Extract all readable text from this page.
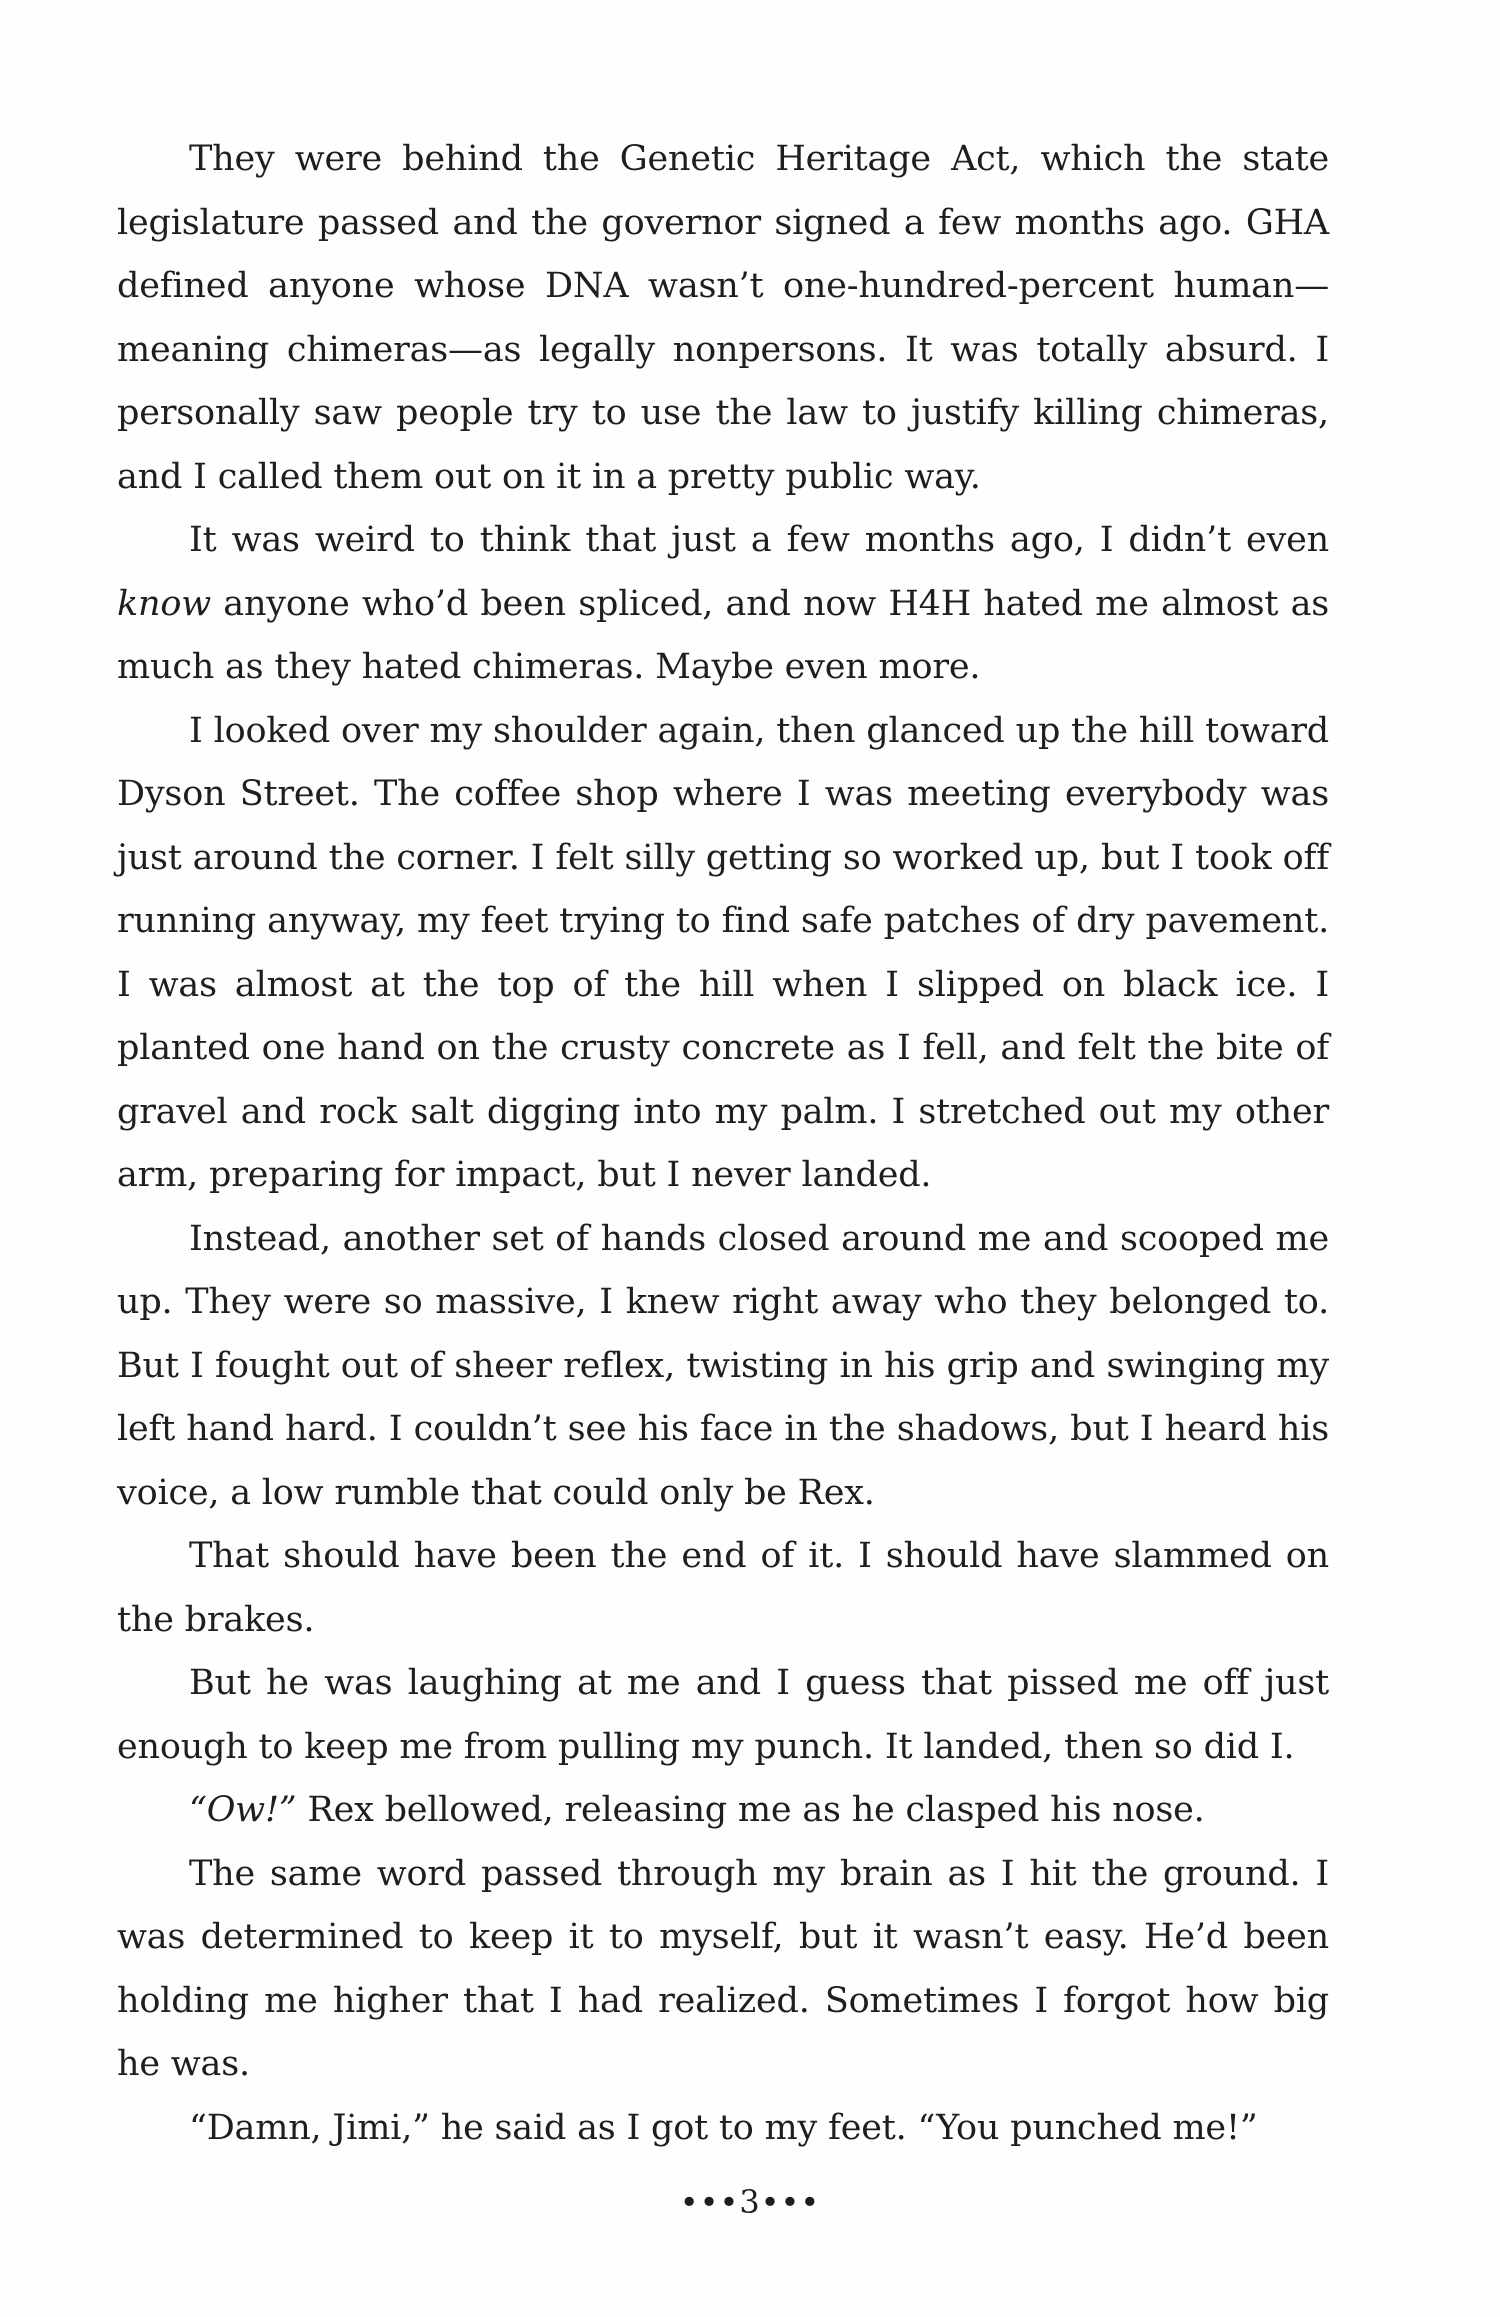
They were behind the Genetic Heritage Act, which the state legislature passed and the governor signed a few months ago. GHA defined anyone whose DNA wasn’t one-hundred-percent human—meaning chimeras—as legally nonpersons. It was totally absurd. I personally saw people try to use the law to justify killing chimeras, and I called them out on it in a pretty public way.

It was weird to think that just a few months ago, I didn’t even know anyone who’d been spliced, and now H4H hated me almost as much as they hated chimeras. Maybe even more.

I looked over my shoulder again, then glanced up the hill toward Dyson Street. The coffee shop where I was meeting everybody was just around the corner. I felt silly getting so worked up, but I took off running anyway, my feet trying to find safe patches of dry pavement. I was almost at the top of the hill when I slipped on black ice. I planted one hand on the crusty concrete as I fell, and felt the bite of gravel and rock salt digging into my palm. I stretched out my other arm, preparing for impact, but I never landed.

Instead, another set of hands closed around me and scooped me up. They were so massive, I knew right away who they belonged to. But I fought out of sheer reflex, twisting in his grip and swinging my left hand hard. I couldn’t see his face in the shadows, but I heard his voice, a low rumble that could only be Rex.

That should have been the end of it. I should have slammed on the brakes.

But he was laughing at me and I guess that pissed me off just enough to keep me from pulling my punch. It landed, then so did I.

“Ow!” Rex bellowed, releasing me as he clasped his nose.

The same word passed through my brain as I hit the ground. I was determined to keep it to myself, but it wasn’t easy. He’d been holding me higher that I had realized. Sometimes I forgot how big he was.

“Damn, Jimi,” he said as I got to my feet. “You punched me!”

•••3•••
